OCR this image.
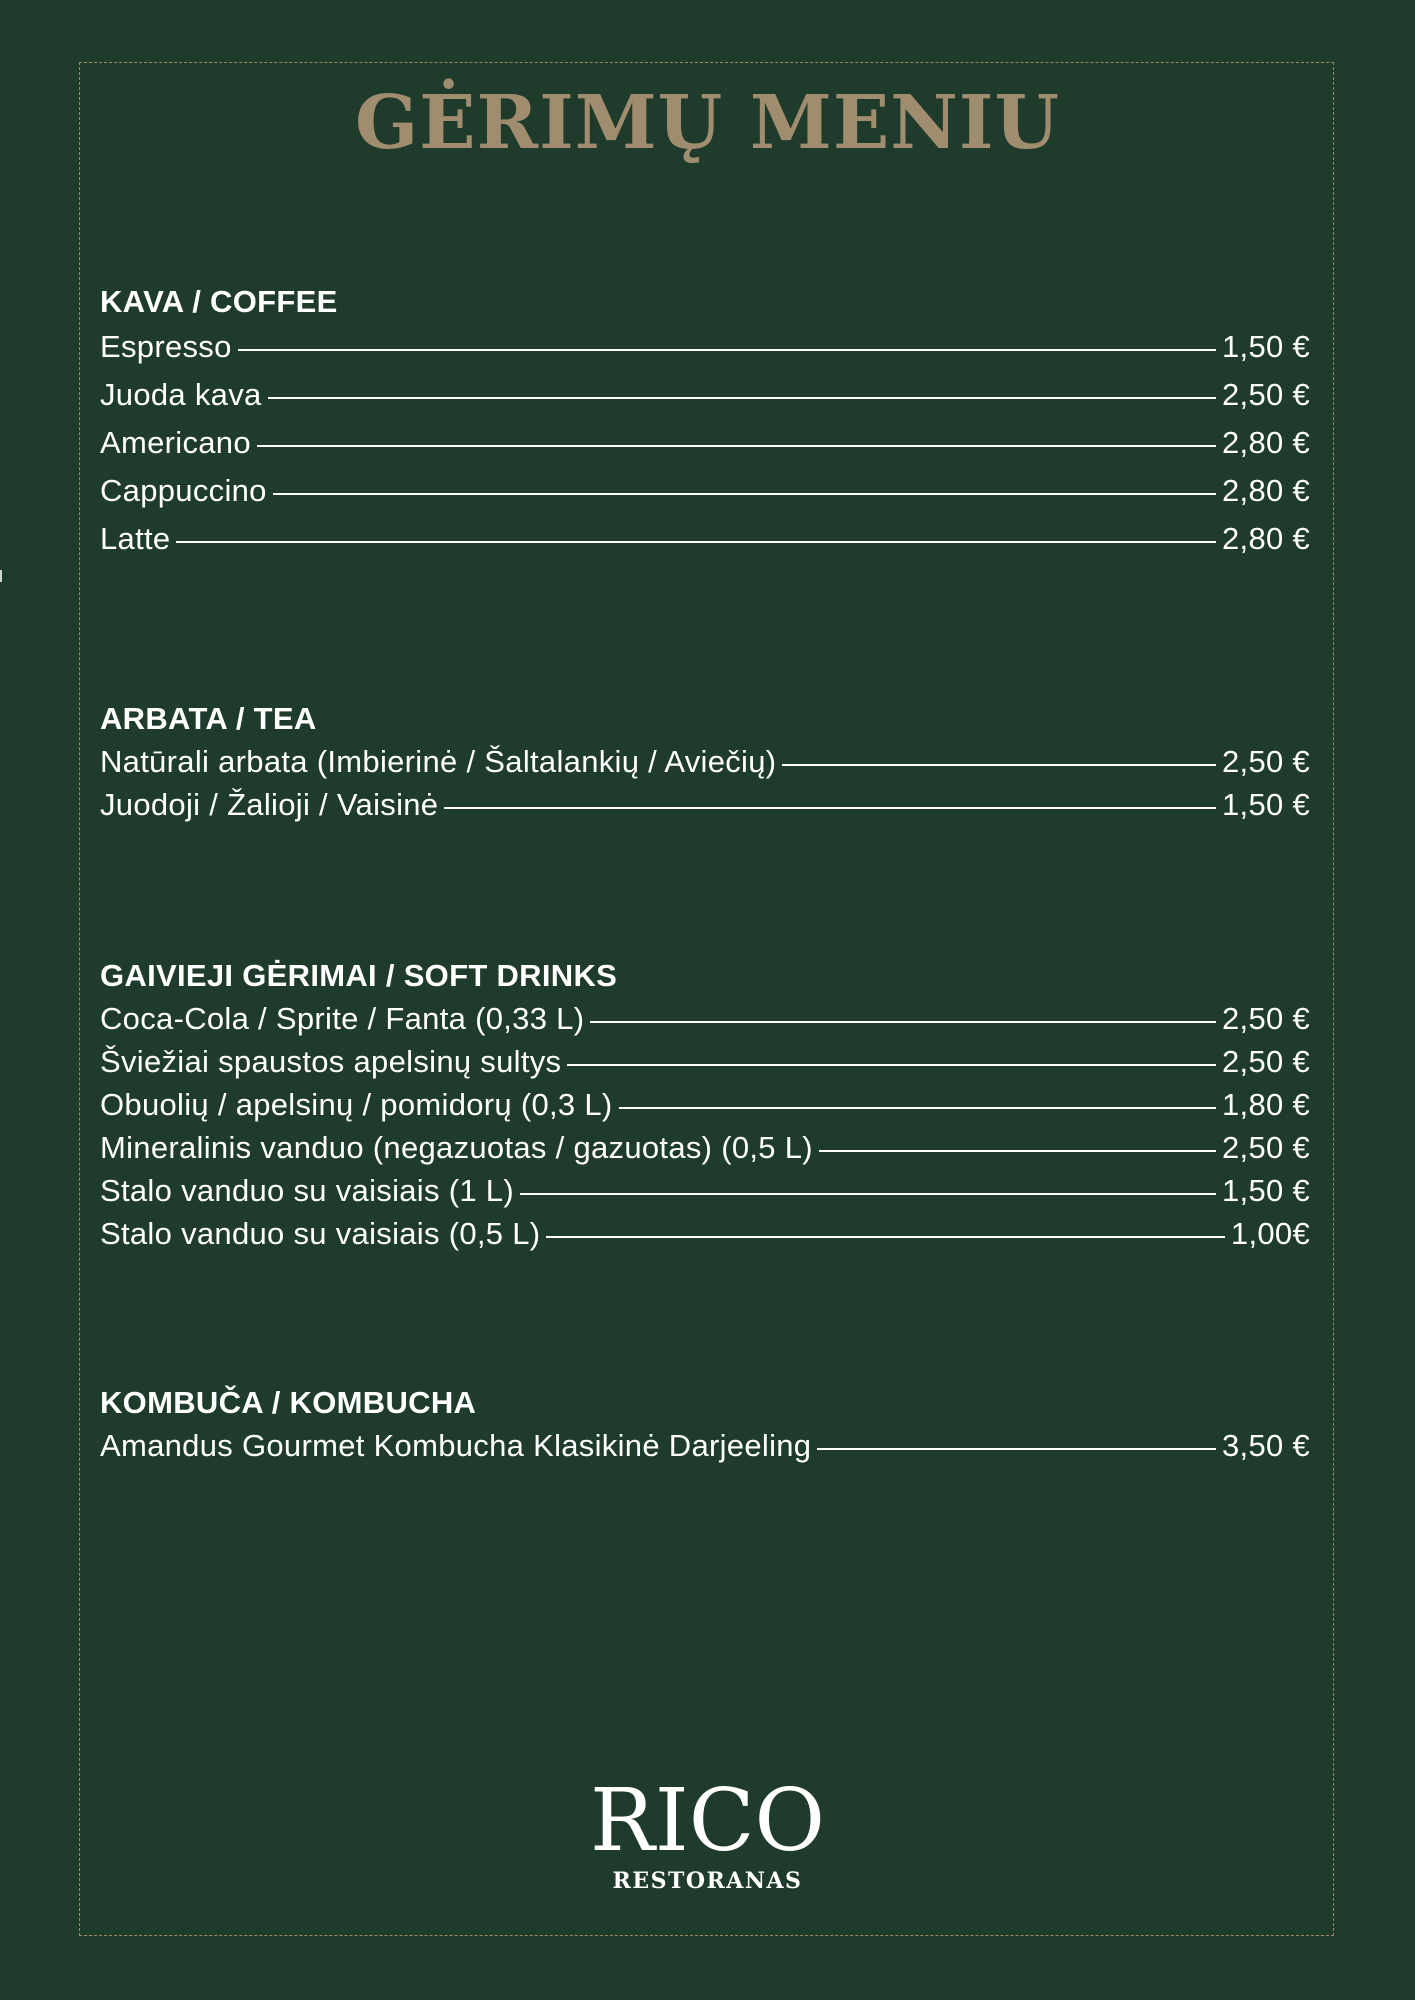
GĖRIMŲ MENIU
KAVA / COFFEE
Espresso	1,50 €
Juoda kava	2,50 €
Americano	2,80 €
Cappuccino	2,80 €
Latte	2,80 €
ARBATA / TEA
Natūrali arbata (Imbierinė / Šaltalankių / Aviečių)	2,50 €
Juodoji / Žalioji / Vaisinė	1,50 €
GAIVIEJI GĖRIMAI / SOFT DRINKS
Coca-Cola / Sprite / Fanta (0,33 L)	2,50 €
Šviežiai spaustos apelsinų sultys	2,50 €
Obuolių / apelsinų / pomidorų (0,3 L)	1,80 €
Mineralinis vanduo (negazuotas / gazuotas) (0,5 L)	2,50 €
Stalo vanduo su vaisiais (1 L)	1,50 €
Stalo vanduo su vaisiais (0,5 L)	1,00€
KOMBUČA / KOMBUCHA
Amandus Gourmet Kombucha Klasikinė Darjeeling	3,50 €
RICO
RESTORANAS
